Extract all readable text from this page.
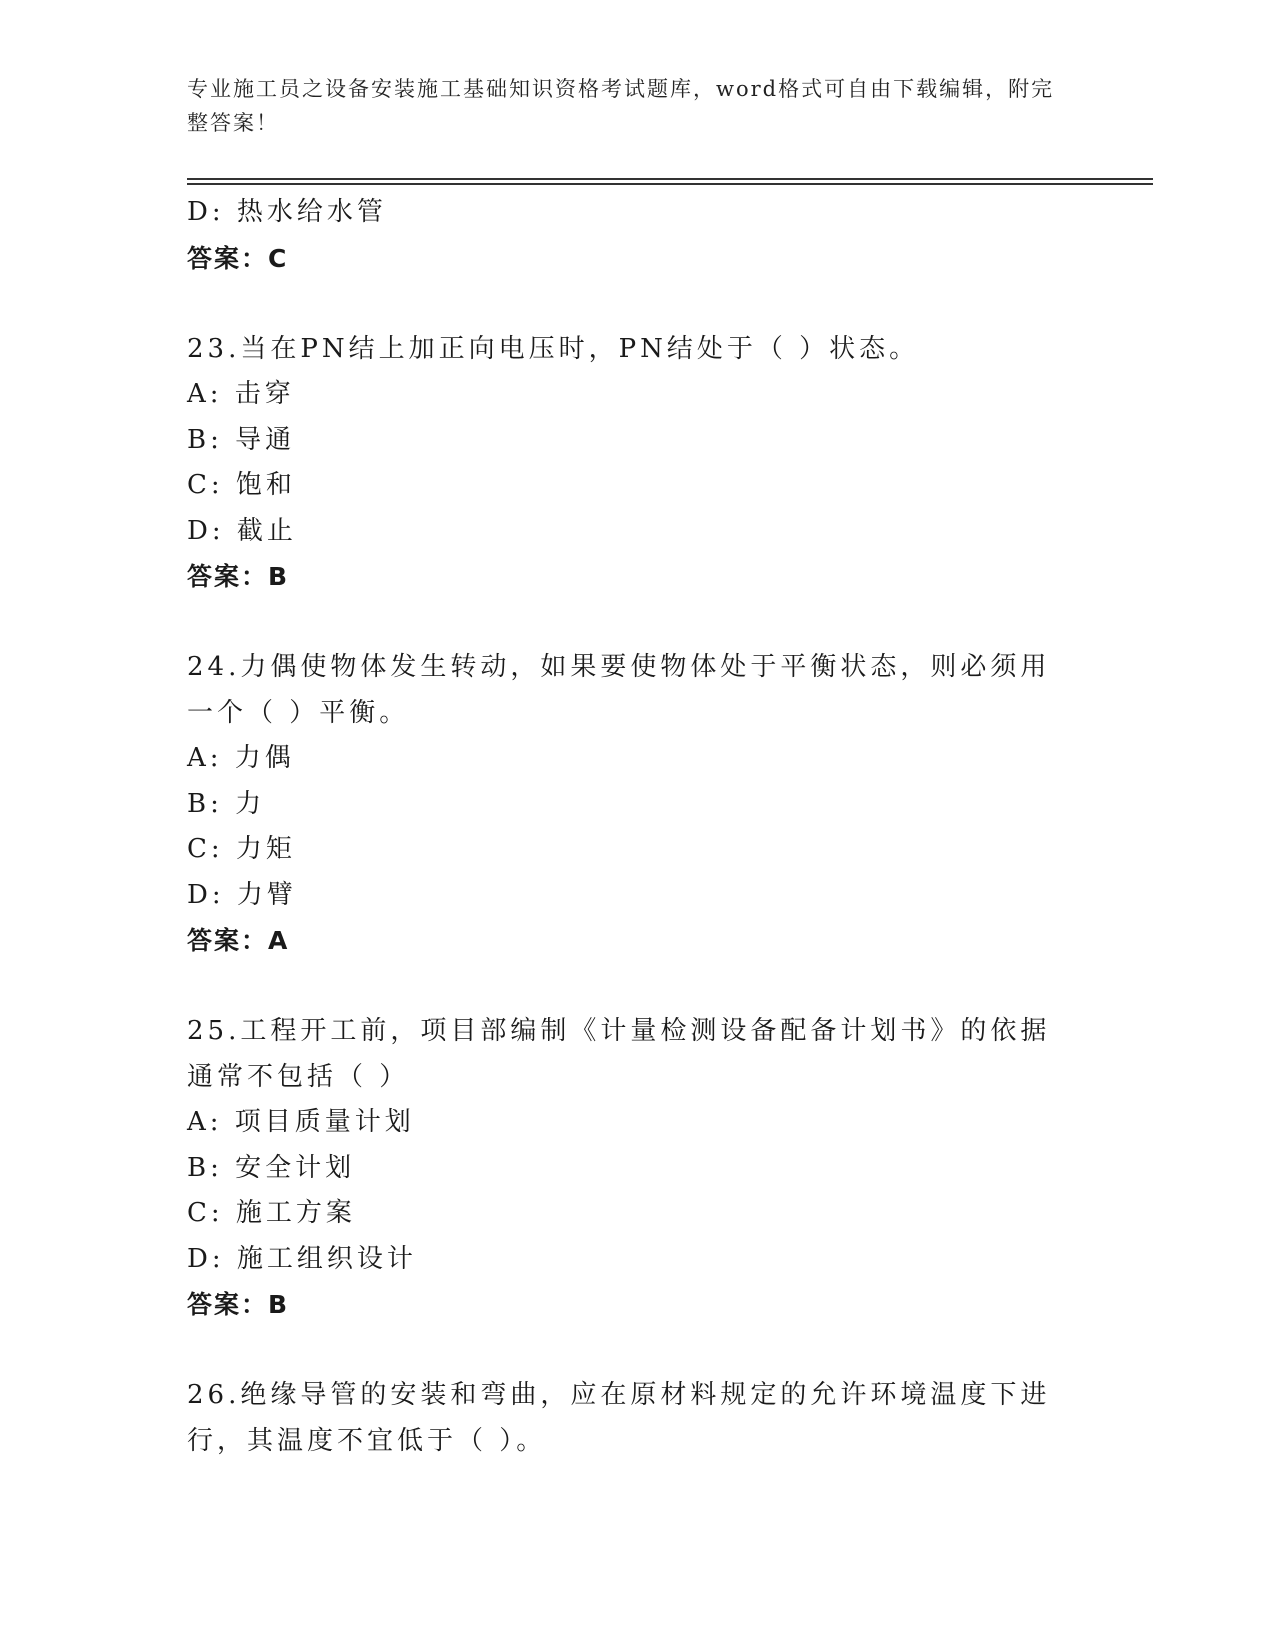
专业施工员之设备安装施工基础知识资格考试题库，word格式可自由下载编辑，附完整答案！
D: 热水给水管
答案：C
23.当在PN结上加正向电压时，PN结处于（ ）状态。
A: 击穿
B: 导通
C: 饱和
D: 截止
答案：B
24.力偶使物体发生转动，如果要使物体处于平衡状态，则必须用一个（ ）平衡。
A: 力偶
B: 力
C: 力矩
D: 力臂
答案：A
25.工程开工前，项目部编制《计量检测设备配备计划书》的依据通常不包括（ ）
A: 项目质量计划
B: 安全计划
C: 施工方案
D: 施工组织设计
答案：B
26.绝缘导管的安装和弯曲，应在原材料规定的允许环境温度下进行，其温度不宜低于（ ）。
